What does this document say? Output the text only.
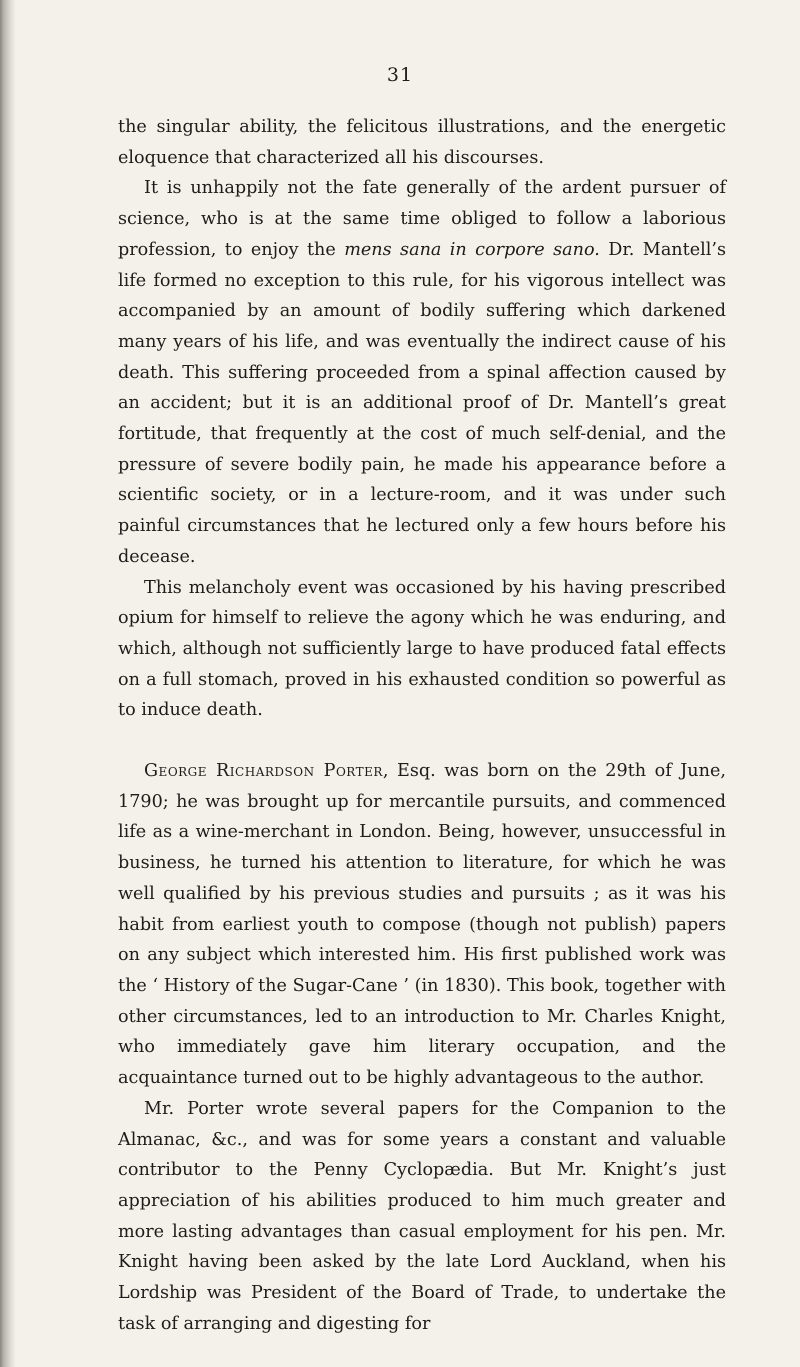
31

the singular ability, the felicitous illustrations, and the energetic eloquence that characterized all his discourses.

It is unhappily not the fate generally of the ardent pursuer of science, who is at the same time obliged to follow a laborious profession, to enjoy the mens sana in corpore sano. Dr. Mantell’s life formed no exception to this rule, for his vigorous intellect was accompanied by an amount of bodily suffering which darkened many years of his life, and was eventually the indirect cause of his death. This suffering proceeded from a spinal affection caused by an accident; but it is an additional proof of Dr. Mantell’s great fortitude, that frequently at the cost of much self-denial, and the pressure of severe bodily pain, he made his appearance before a scientific society, or in a lecture-room, and it was under such painful circumstances that he lectured only a few hours before his decease.

This melancholy event was occasioned by his having prescribed opium for himself to relieve the agony which he was enduring, and which, although not sufficiently large to have produced fatal effects on a full stomach, proved in his exhausted condition so powerful as to induce death.

George Richardson Porter, Esq. was born on the 29th of June, 1790; he was brought up for mercantile pursuits, and commenced life as a wine-merchant in London. Being, however, unsuccessful in business, he turned his attention to literature, for which he was well qualified by his previous studies and pursuits ; as it was his habit from earliest youth to compose (though not publish) papers on any subject which interested him. His first published work was the ‘ History of the Sugar-Cane ’ (in 1830). This book, together with other circumstances, led to an introduction to Mr. Charles Knight, who immediately gave him literary occupation, and the acquaintance turned out to be highly advantageous to the author.

Mr. Porter wrote several papers for the Companion to the Almanac, &c., and was for some years a constant and valuable contributor to the Penny Cyclopædia. But Mr. Knight’s just appreciation of his abilities produced to him much greater and more lasting advantages than casual employment for his pen. Mr. Knight having been asked by the late Lord Auckland, when his Lordship was President of the Board of Trade, to undertake the task of arranging and digesting for
